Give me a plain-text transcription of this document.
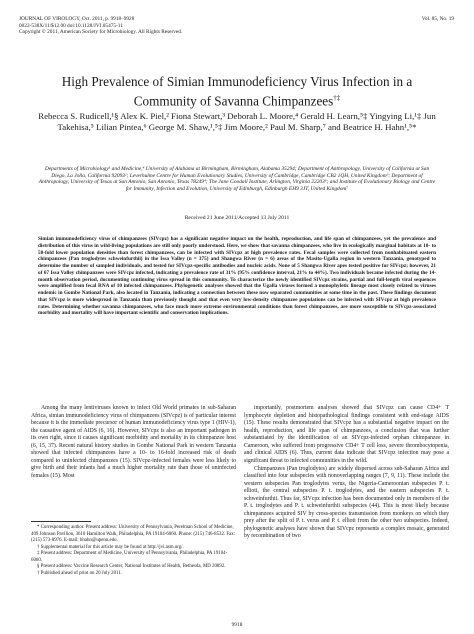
JOURNAL OF VIROLOGY, Oct. 2011, p. 9918–9928
0022-538X/11/$12.00 doi:10.1128/JVI.05475-11
Copyright © 2011, American Society for Microbiology. All Rights Reserved.
Vol. 85, No. 19
High Prevalence of Simian Immunodeficiency Virus Infection in a Community of Savanna Chimpanzees†‡
Rebecca S. Rudicell,¹§ Alex K. Piel,² Fiona Stewart,³ Deborah L. Moore,⁴ Gerald H. Learn,⁵‡ Yingying Li,¹‡ Jun Takehisa,⁵ Lilian Pintea,⁶ George M. Shaw,¹,⁵‡ Jim Moore,² Paul M. Sharp,⁷ and Beatrice H. Hahn¹,⁵*
Departments of Microbiology¹ and Medicine,⁴ University of Alabama at Birmingham, Birmingham, Alabama 35294; Department of Anthropology, University of California at San Diego, La Jolla, California 92093²; Leverhulme Centre for Human Evolutionary Studies, University of Cambridge, Cambridge CB2 1QH, United Kingdom³; Department of Anthropology, University of Texas at San Antonio, San Antonio, Texas 78249⁴; The Jane Goodall Institute, Arlington, Virginia 22203⁶; and Institute of Evolutionary Biology and Centre for Immunity, Infection and Evolution, University of Edinburgh, Edinburgh EH9 3JT, United Kingdom⁷
Received 21 June 2011/Accepted 13 July 2011
Simian immunodeficiency virus of chimpanzees (SIVcpz) has a significant negative impact on the health, reproduction, and life span of chimpanzees, yet the prevalence and distribution of this virus in wild-living populations are still only poorly understood. Here, we show that savanna chimpanzees, who live in ecologically marginal habitats at 10- to 50-fold lower population densities than forest chimpanzees, can be infected with SIVcpz at high prevalence rates. Fecal samples were collected from nonhabituated eastern chimpanzees (Pan troglodytes schweinfurthii) in the Issa Valley (n = 375) and Shangwa River (n = 6) areas of the Masito-Ugalla region in western Tanzania, genotyped to determine the number of sampled individuals, and tested for SIVcpz-specific antibodies and nucleic acids. None of 5 Shangwa River apes tested positive for SIVcpz; however, 21 of 67 Issa Valley chimpanzees were SIVcpz infected, indicating a prevalence rate of 31% (95% confidence interval, 21% to 44%). Two individuals became infected during the 14-month observation period, documenting continuing virus spread in this community. To characterize the newly identified SIVcpz strains, partial and full-length viral sequences were amplified from fecal RNA of 10 infected chimpanzees. Phylogenetic analyses showed that the Ugalla viruses formed a monophyletic lineage most closely related to viruses endemic in Gombe National Park, also located in Tanzania, indicating a connection between these now separated communities at some time in the past. These findings document that SIVcpz is more widespread in Tanzania than previously thought and that even very low-density chimpanzee populations can be infected with SIVcpz at high prevalence rates. Determining whether savanna chimpanzees, who face much more extreme environmental conditions than forest chimpanzees, are more susceptible to SIVcpz-associated morbidity and mortality will have important scientific and conservation implications.

Among the many lentiviruses known to infect Old World primates in sub-Saharan Africa, simian immunodeficiency virus of chimpanzees (SIVcpz) is of particular interest because it is the immediate precursor of human immunodeficiency virus type 1 (HIV-1), the causative agent of AIDS (6, 16). However, SIVcpz is also an important pathogen in its own right, since it causes significant morbidity and mortality in its chimpanzee host (6, 15, 37). Recent natural history studies in Gombe National Park in western Tanzania showed that infected chimpanzees have a 10- to 16-fold increased risk of death compared to uninfected chimpanzees (15). SIVcpz-infected females were less likely to give birth and their infants had a much higher mortality rate than those of uninfected females (15). Most

importantly, postmortem analyses showed that SIVcpz can cause CD4+ T lymphocyte depletion and histopathological findings consistent with end-stage AIDS (15). These results demonstrated that SIVcpz has a substantial negative impact on the health, reproduction, and life span of chimpanzees, a conclusion that was further substantiated by the identification of an SIVcpz-infected orphan chimpanzee in Cameroon, who suffered from progressive CD4+ T cell loss, severe thrombocytopenia, and clinical AIDS (6). Thus, current data indicate that SIVcpz infection may pose a significant threat to infected communities in the wild.

Chimpanzees (Pan troglodytes) are widely dispersed across sub-Saharan Africa and classified into four subspecies with nonoverlapping ranges (7, 9, 11). These include the western subspecies Pan troglodytes verus, the Nigeria-Cameroonian subspecies P. t. ellioti, the central subspecies P. t. troglodytes, and the eastern subspecies P. t. schweinfurthii. Thus far, SIVcpz infection has been documented only in members of the P. t. troglodytes and P. t. schweinfurthii subspecies (44). This is most likely because chimpanzees acquired SIV by cross-species transmission from monkeys on which they prey after the split of P. t. verus and P. t. ellioti from the other two subspecies. Indeed, phylogenetic analyses have shown that SIVcpz represents a complex mosaic, generated by recombination of two

* Corresponding author. Present address: University of Pennsylvania, Perelman School of Medicine, 409 Johnson Pavilion, 3610 Hamilton Walk, Philadelphia, PA 19104-6060. Phone: (215) 746-8532. Fax: (215) 573-8976. E-mail: bhahn@upenn.edu.
† Supplemental material for this article may be found at http://jvi.asm.org/.
‡ Present address: Department of Medicine, University of Pennsylvania, Philadelphia, PA 19104-6060.
§ Present address: Vaccine Research Center, National Institutes of Health, Bethesda, MD 20892.
† Published ahead of print on 20 July 2011.
9918
